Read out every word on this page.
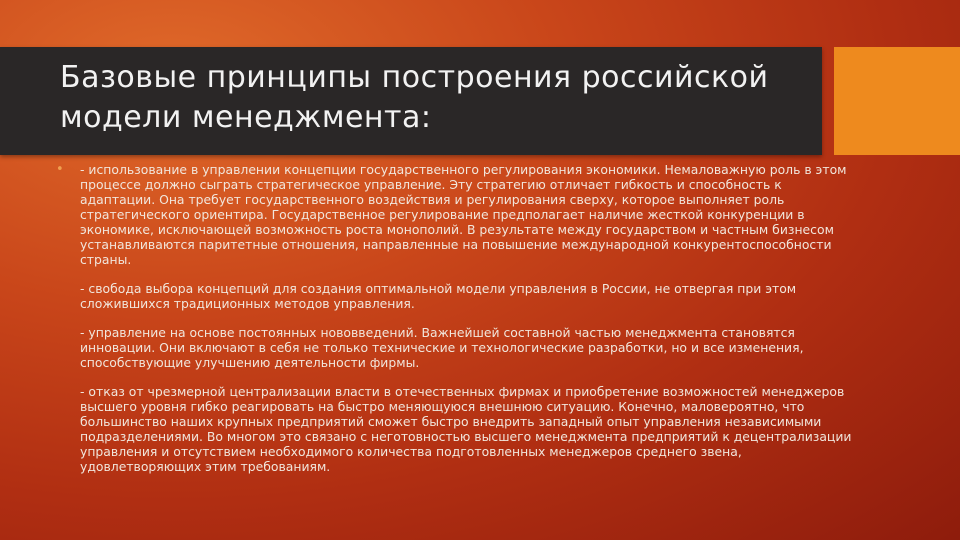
Базовые принципы построения российской модели менеджмента:

• - использование в управлении концепции государственного регулирования экономики. Немаловажную роль в этом процессе должно сыграть стратегическое управление. Эту стратегию отличает гибкость и способность к адаптации. Она требует государственного воздействия и регулирования сверху, которое выполняет роль стратегического ориентира. Государственное регулирование предполагает наличие жесткой конкуренции в экономике, исключающей возможность роста монополий. В результате между государством и частным бизнесом устанавливаются паритетные отношения, направленные на повышение международной конкурентоспособности страны.

- свобода выбора концепций для создания оптимальной модели управления в России, не отвергая при этом сложившихся традиционных методов управления.

- управление на основе постоянных нововведений. Важнейшей составной частью менеджмента становятся инновации. Они включают в себя не только технические и технологические разработки, но и все изменения, способствующие улучшению деятельности фирмы.

- отказ от чрезмерной централизации власти в отечественных фирмах и приобретение возможностей менеджеров высшего уровня гибко реагировать на быстро меняющуюся внешнюю ситуацию. Конечно, маловероятно, что большинство наших крупных предприятий сможет быстро внедрить западный опыт управления независимыми подразделениями. Во многом это связано с неготовностью высшего менеджмента предприятий к децентрализации управления и отсутствием необходимого количества подготовленных менеджеров среднего звена, удовлетворяющих этим требованиям.
